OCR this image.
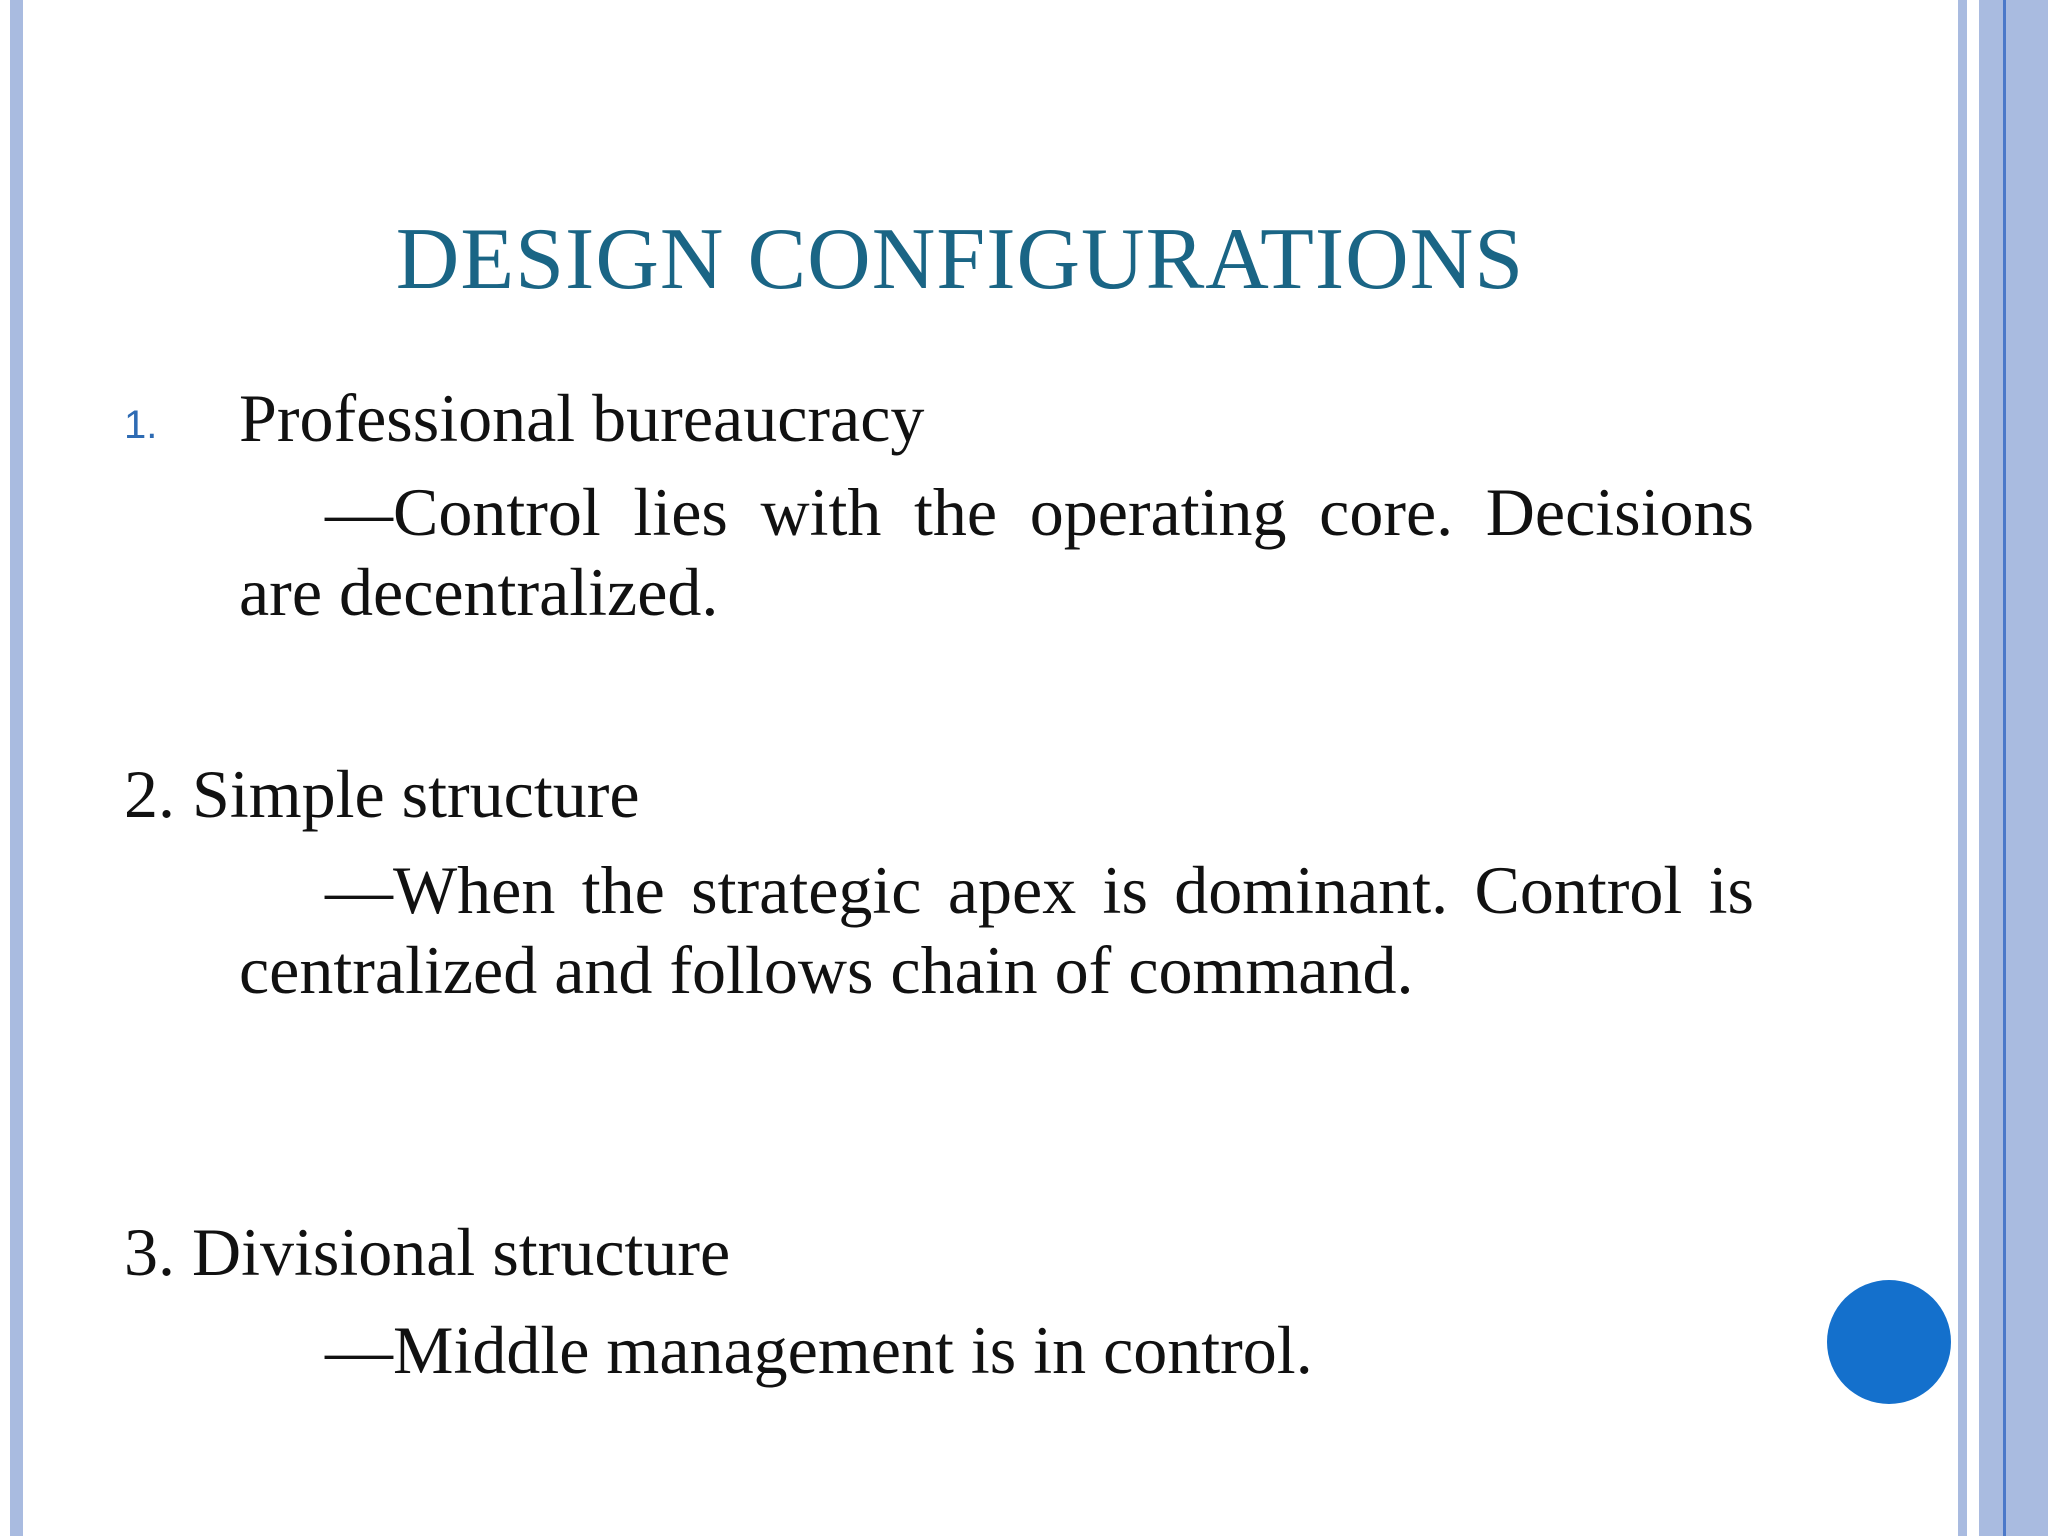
DESIGN CONFIGURATIONS
1. Professional bureaucracy
—Control lies with the operating core. Decisions are decentralized.
2. Simple structure
—When the strategic apex is dominant. Control is centralized and follows chain of command.
3. Divisional structure
—Middle management is in control.
